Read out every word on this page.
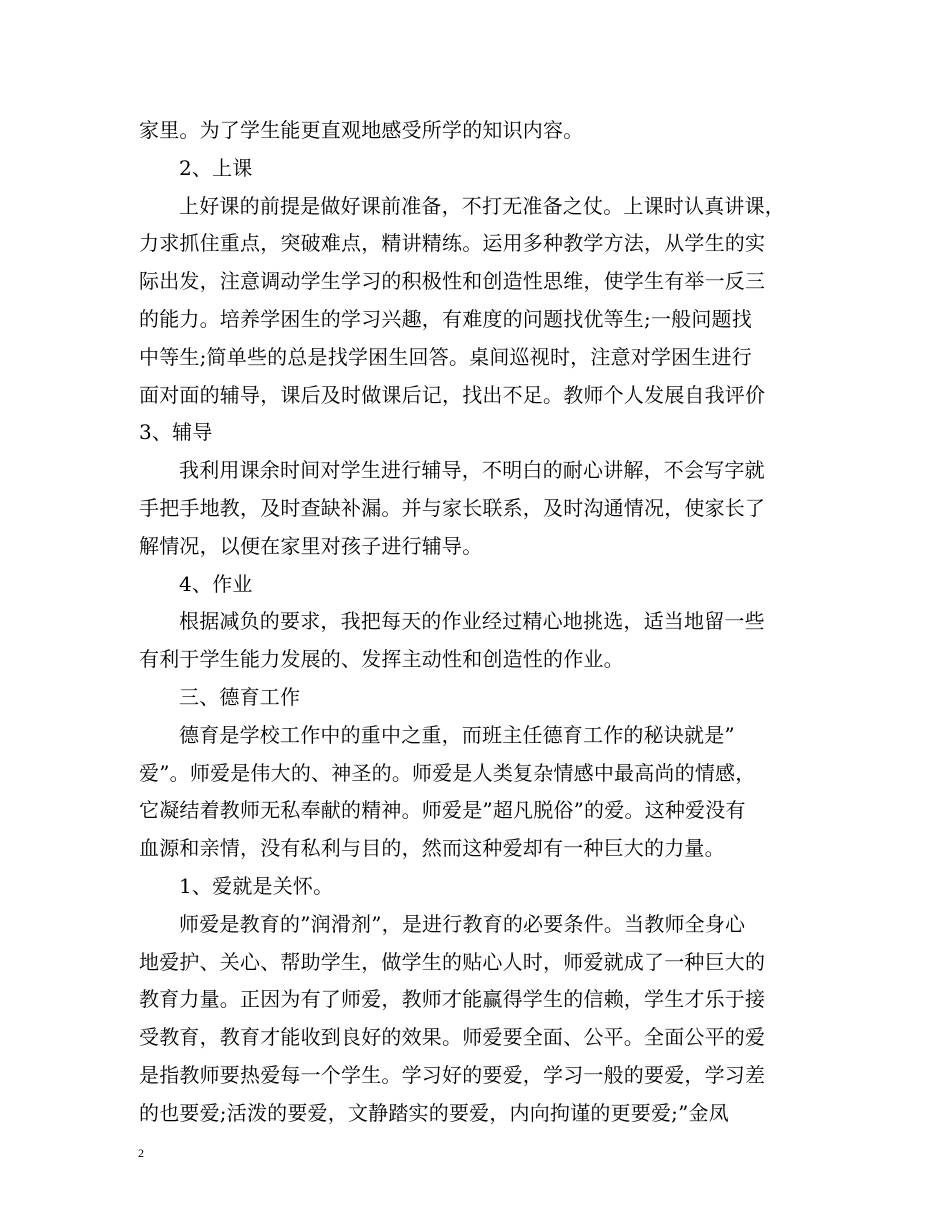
家里。为了学生能更直观地感受所学的知识内容。
2、上课
上好课的前提是做好课前准备，不打无准备之仗。上课时认真讲课，
力求抓住重点，突破难点，精讲精练。运用多种教学方法，从学生的实
际出发，注意调动学生学习的积极性和创造性思维，使学生有举一反三
的能力。培养学困生的学习兴趣，有难度的问题找优等生;一般问题找
中等生;简单些的总是找学困生回答。桌间巡视时，注意对学困生进行
面对面的辅导，课后及时做课后记，找出不足。教师个人发展自我评价
3、辅导
我利用课余时间对学生进行辅导，不明白的耐心讲解，不会写字就
手把手地教，及时查缺补漏。并与家长联系，及时沟通情况，使家长了
解情况，以便在家里对孩子进行辅导。
4、作业
根据减负的要求，我把每天的作业经过精心地挑选，适当地留一些
有利于学生能力发展的、发挥主动性和创造性的作业。
三、德育工作
德育是学校工作中的重中之重，而班主任德育工作的秘诀就是”
爱”。师爱是伟大的、神圣的。师爱是人类复杂情感中最高尚的情感，
它凝结着教师无私奉献的精神。师爱是”超凡脱俗”的爱。这种爱没有
血源和亲情，没有私利与目的，然而这种爱却有一种巨大的力量。
1、爱就是关怀。
师爱是教育的”润滑剂”，是进行教育的必要条件。当教师全身心
地爱护、关心、帮助学生，做学生的贴心人时，师爱就成了一种巨大的
教育力量。正因为有了师爱，教师才能赢得学生的信赖，学生才乐于接
受教育，教育才能收到良好的效果。师爱要全面、公平。全面公平的爱
是指教师要热爱每一个学生。学习好的要爱，学习一般的要爱，学习差
的也要爱;活泼的要爱，文静踏实的要爱，内向拘谨的更要爱;”金凤
2
